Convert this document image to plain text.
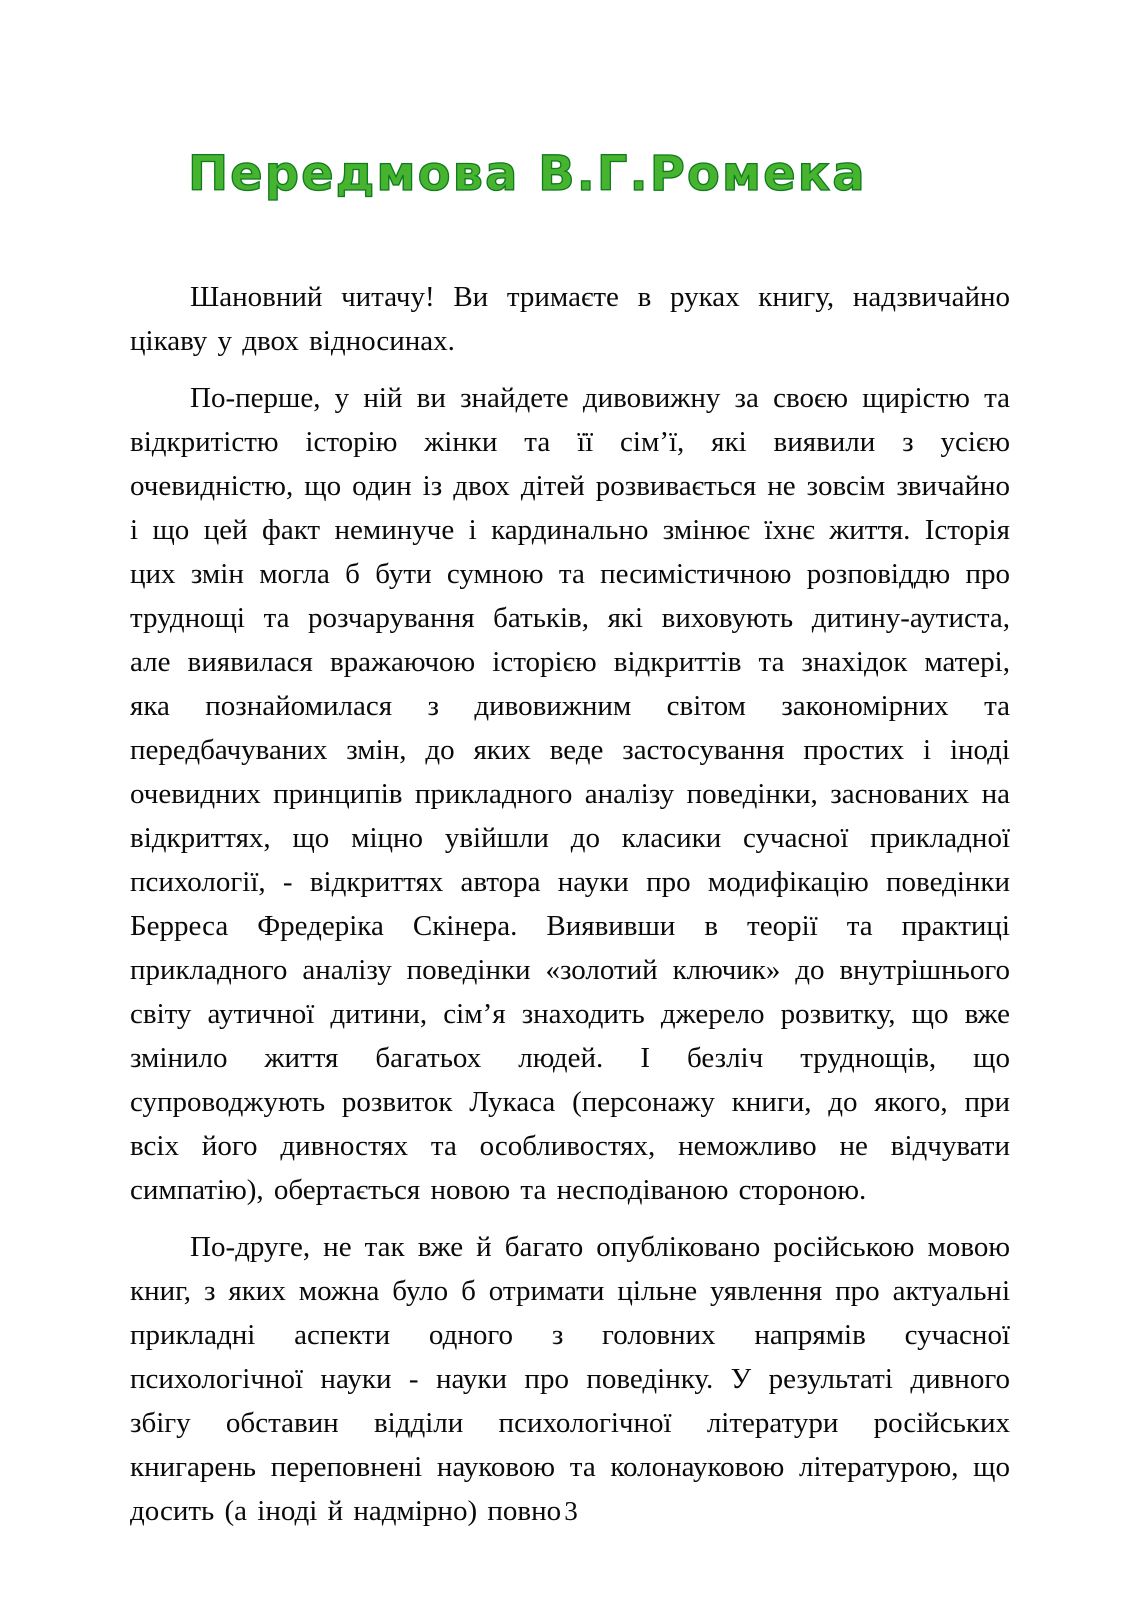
Передмова В.Г.Ромека

Шановний читачу! Ви тримаєте в руках книгу, надзвичайно цікаву у двох відносинах.

По-перше, у ній ви знайдете дивовижну за своєю щирістю та відкритістю історію жінки та її сім’ї, які виявили з усією очевидністю, що один із двох дітей розвивається не зовсім звичайно і що цей факт неминуче і кардинально змінює їхнє життя. Історія цих змін могла б бути сумною та песимістичною розповіддю про труднощі та розчарування батьків, які виховують дитину-аутиста, але виявилася вражаючою історією відкриттів та знахідок матері, яка познайомилася з дивовижним світом закономірних та передбачуваних змін, до яких веде застосування простих і іноді очевидних принципів прикладного аналізу поведінки, заснованих на відкриттях, що міцно увійшли до класики сучасної прикладної психології, - відкриттях автора науки про модифікацію поведінки Берреса Фредеріка Скінера. Виявивши в теорії та практиці прикладного аналізу поведінки «золотий ключик» до внутрішнього світу аутичної дитини, сім’я знаходить джерело розвитку, що вже змінило життя багатьох людей. І безліч труднощів, що супроводжують розвиток Лукаса (персонажу книги, до якого, при всіх його дивностях та особливостях, неможливо не відчувати симпатію), обертається новою та несподіваною стороною.

По-друге, не так вже й багато опубліковано російською мовою книг, з яких можна було б отримати цільне уявлення про актуальні прикладні аспекти одного з головних напрямів сучасної психологічної науки - науки про поведінку. У результаті дивного збігу обставин відділи психологічної літератури російських книгарень переповнені науковою та колонауковою літературою, що досить (а іноді й надмірно) повно 3
